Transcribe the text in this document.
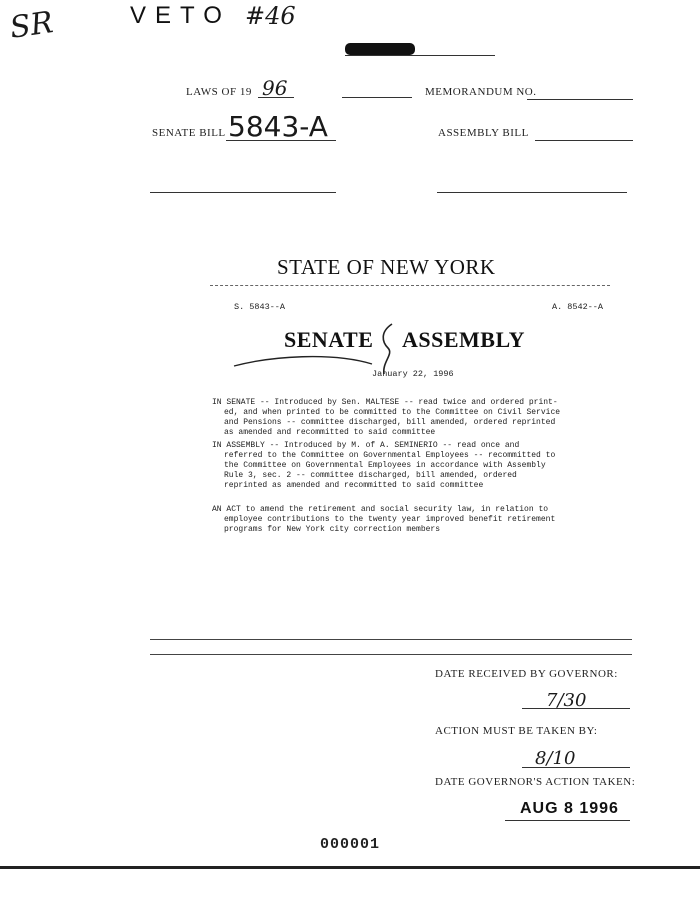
SR	VETO #46
LAWS OF 19 96	MEMORANDUM NO.
SENATE BILL 5843-A	ASSEMBLY BILL
STATE OF NEW YORK
S. 5843--A	A. 8542--A
SENATE ASSEMBLY
January 22, 1996
IN SENATE -- Introduced by Sen. MALTESE -- read twice and ordered print-
ed, and when printed to be committed to the Committee on Civil Service
and Pensions -- committee discharged, bill amended, ordered reprinted
as amended and recommitted to said committee
IN ASSEMBLY -- Introduced by M. of A. SEMINERIO -- read once and
referred to the Committee on Governmental Employees -- recommitted to
the Committee on Governmental Employees in accordance with Assembly
Rule 3, sec. 2 -- committee discharged, bill amended, ordered
reprinted as amended and recommitted to said committee
AN ACT to amend the retirement and social security law, in relation to
employee contributions to the twenty year improved benefit retirement
programs for New York city correction members
DATE RECEIVED BY GOVERNOR:
7/30
ACTION MUST BE TAKEN BY:
8/10
DATE GOVERNOR'S ACTION TAKEN:
AUG 8 1996
000001
